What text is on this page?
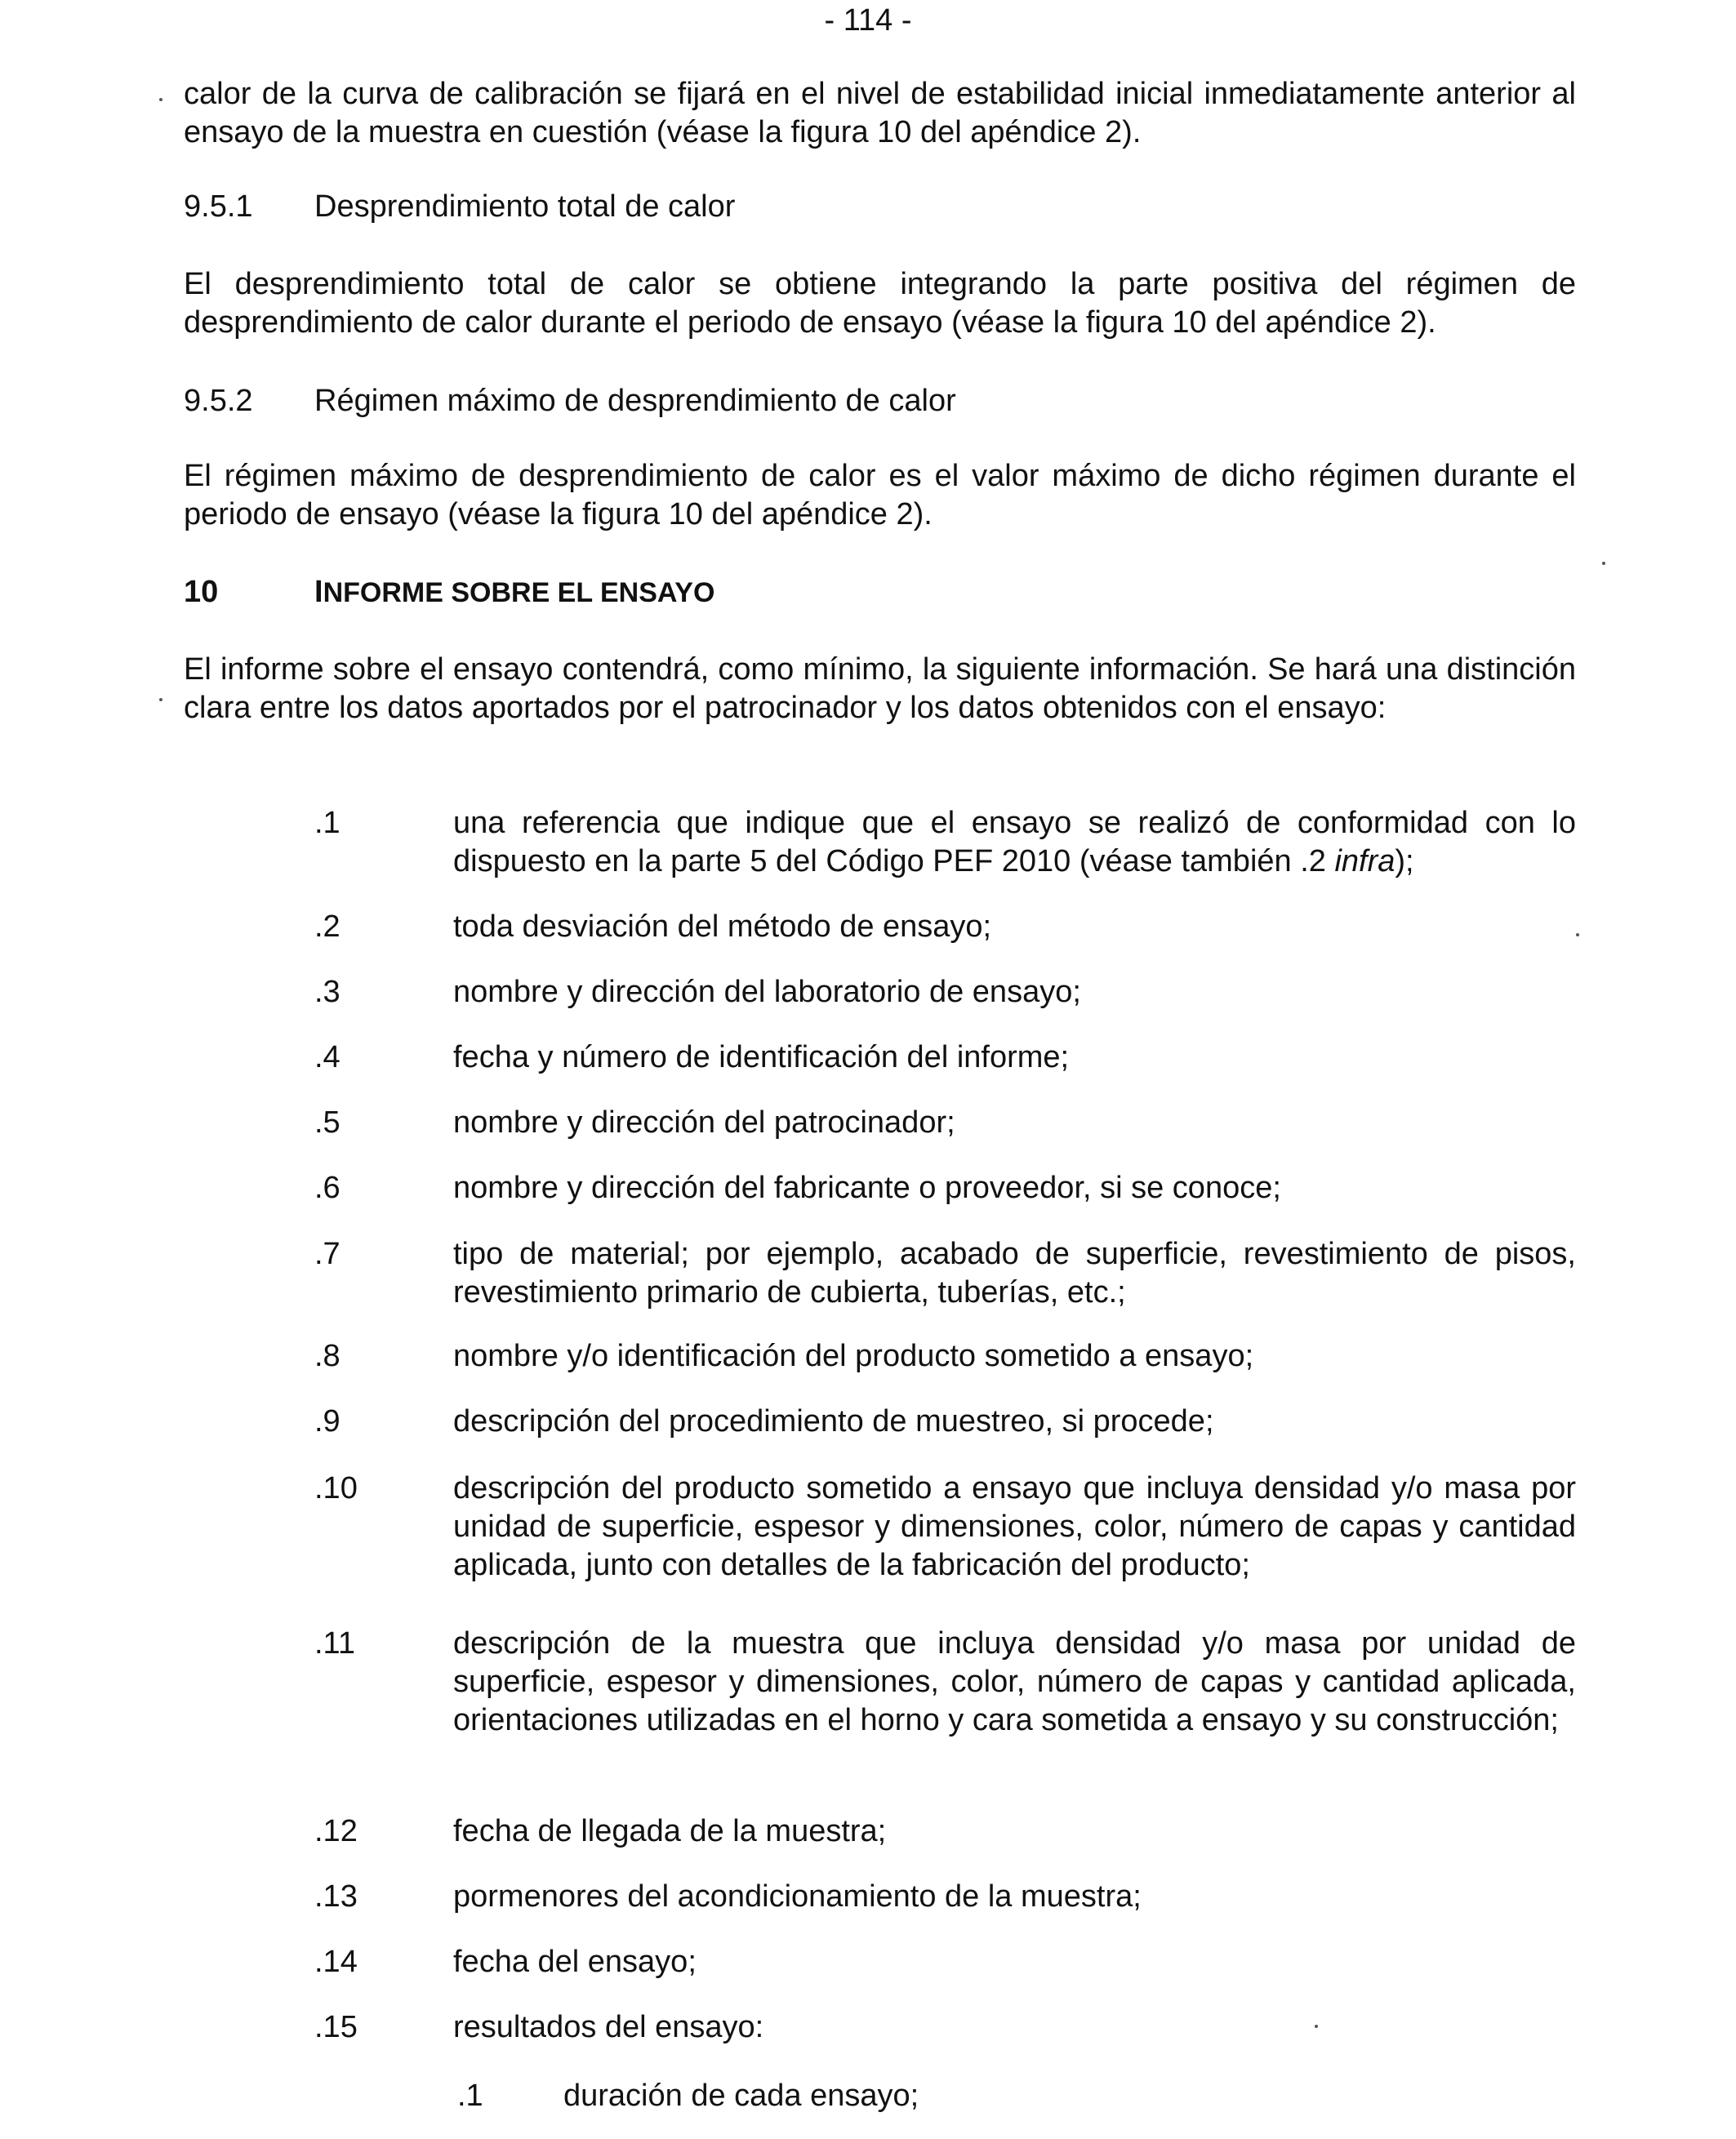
- 114 -

calor de la curva de calibración se fijará en el nivel de estabilidad inicial inmediatamente anterior al ensayo de la muestra en cuestión (véase la figura 10 del apéndice 2).

9.5.1 Desprendimiento total de calor

El desprendimiento total de calor se obtiene integrando la parte positiva del régimen de desprendimiento de calor durante el periodo de ensayo (véase la figura 10 del apéndice 2).

9.5.2 Régimen máximo de desprendimiento de calor

El régimen máximo de desprendimiento de calor es el valor máximo de dicho régimen durante el periodo de ensayo (véase la figura 10 del apéndice 2).

10	INFORME SOBRE EL ENSAYO

El informe sobre el ensayo contendrá, como mínimo, la siguiente información. Se hará una distinción clara entre los datos aportados por el patrocinador y los datos obtenidos con el ensayo:

.1	una referencia que indique que el ensayo se realizó de conformidad con lo dispuesto en la parte 5 del Código PEF 2010 (véase también .2 infra);
.2	toda desviación del método de ensayo;
.3	nombre y dirección del laboratorio de ensayo;
.4	fecha y número de identificación del informe;
.5	nombre y dirección del patrocinador;
.6	nombre y dirección del fabricante o proveedor, si se conoce;
.7	tipo de material; por ejemplo, acabado de superficie, revestimiento de pisos, revestimiento primario de cubierta, tuberías, etc.;
.8	nombre y/o identificación del producto sometido a ensayo;
.9	descripción del procedimiento de muestreo, si procede;
.10	descripción del producto sometido a ensayo que incluya densidad y/o masa por unidad de superficie, espesor y dimensiones, color, número de capas y cantidad aplicada, junto con detalles de la fabricación del producto;
.11	descripción de la muestra que incluya densidad y/o masa por unidad de superficie, espesor y dimensiones, color, número de capas y cantidad aplicada, orientaciones utilizadas en el horno y cara sometida a ensayo y su construcción;
.12	fecha de llegada de la muestra;
.13	pormenores del acondicionamiento de la muestra;
.14	fecha del ensayo;
.15	resultados del ensayo:
.1	duración de cada ensayo;
